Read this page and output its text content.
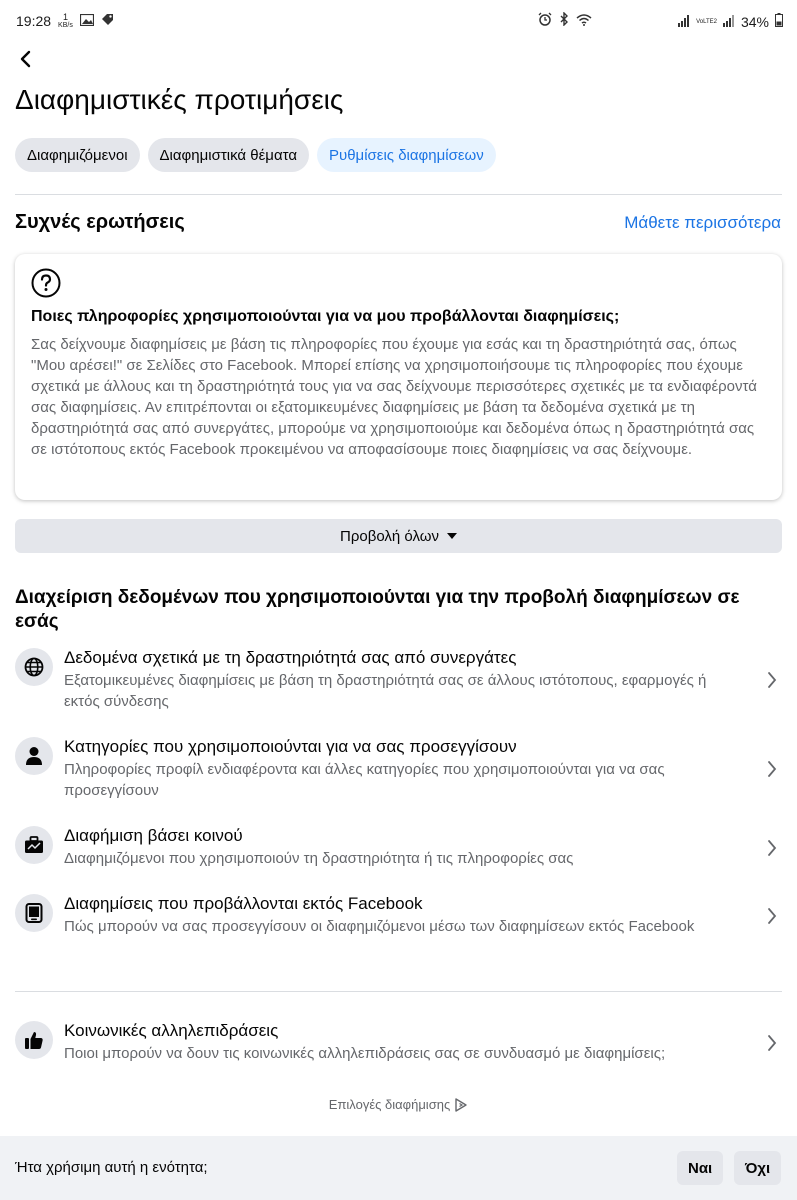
19:28	1
KB/s
VoLTE2 34%
Διαφημιστικές προτιμήσεις
Διαφημιζόμενοι	Διαφημιστικά θέματα	Ρυθμίσεις διαφημίσεων
Συχνές ερωτήσεις	Μάθετε περισσότερα
Ποιες πληροφορίες χρησιμοποιούνται για να μου προβάλλονται διαφημίσεις;
Σας δείχνουμε διαφημίσεις με βάση τις πληροφορίες που έχουμε για εσάς και τη δραστηριότητά σας, όπως "Μου αρέσει!" σε Σελίδες στο Facebook. Μπορεί επίσης να χρησιμοποιήσουμε τις πληροφορίες που έχουμε σχετικά με άλλους και τη δραστηριότητά τους για να σας δείχνουμε περισσότερες σχετικές με τα ενδιαφέροντά σας διαφημίσεις. Αν επιτρέπονται οι εξατομικευμένες διαφημίσεις με βάση τα δεδομένα σχετικά με τη δραστηριότητά σας από συνεργάτες, μπορούμε να χρησιμοποιούμε και δεδομένα όπως η δραστηριότητά σας σε ιστότοπους εκτός Facebook προκειμένου να αποφασίσουμε ποιες διαφημίσεις να σας δείχνουμε.
Προβολή όλων
Διαχείριση δεδομένων που χρησιμοποιούνται για την προβολή διαφημίσεων σε εσάς
Δεδομένα σχετικά με τη δραστηριότητά σας από συνεργάτες
Εξατομικευμένες διαφημίσεις με βάση τη δραστηριότητά σας σε άλλους ιστότοπους, εφαρμογές ή εκτός σύνδεσης
Κατηγορίες που χρησιμοποιούνται για να σας προσεγγίσουν
Πληροφορίες προφίλ ενδιαφέροντα και άλλες κατηγορίες που χρησιμοποιούνται για να σας προσεγγίσουν
Διαφήμιση βάσει κοινού
Διαφημιζόμενοι που χρησιμοποιούν τη δραστηριότητα ή τις πληροφορίες σας
Διαφημίσεις που προβάλλονται εκτός Facebook
Πώς μπορούν να σας προσεγγίσουν οι διαφημιζόμενοι μέσω των διαφημίσεων εκτός Facebook
Κοινωνικές αλληλεπιδράσεις
Ποιοι μπορούν να δουν τις κοινωνικές αλληλεπιδράσεις σας σε συνδυασμό με διαφημίσεις;
Επιλογές διαφήμισης
Ήτα χρήσιμη αυτή η ενότητα;	Ναι	Όχι
